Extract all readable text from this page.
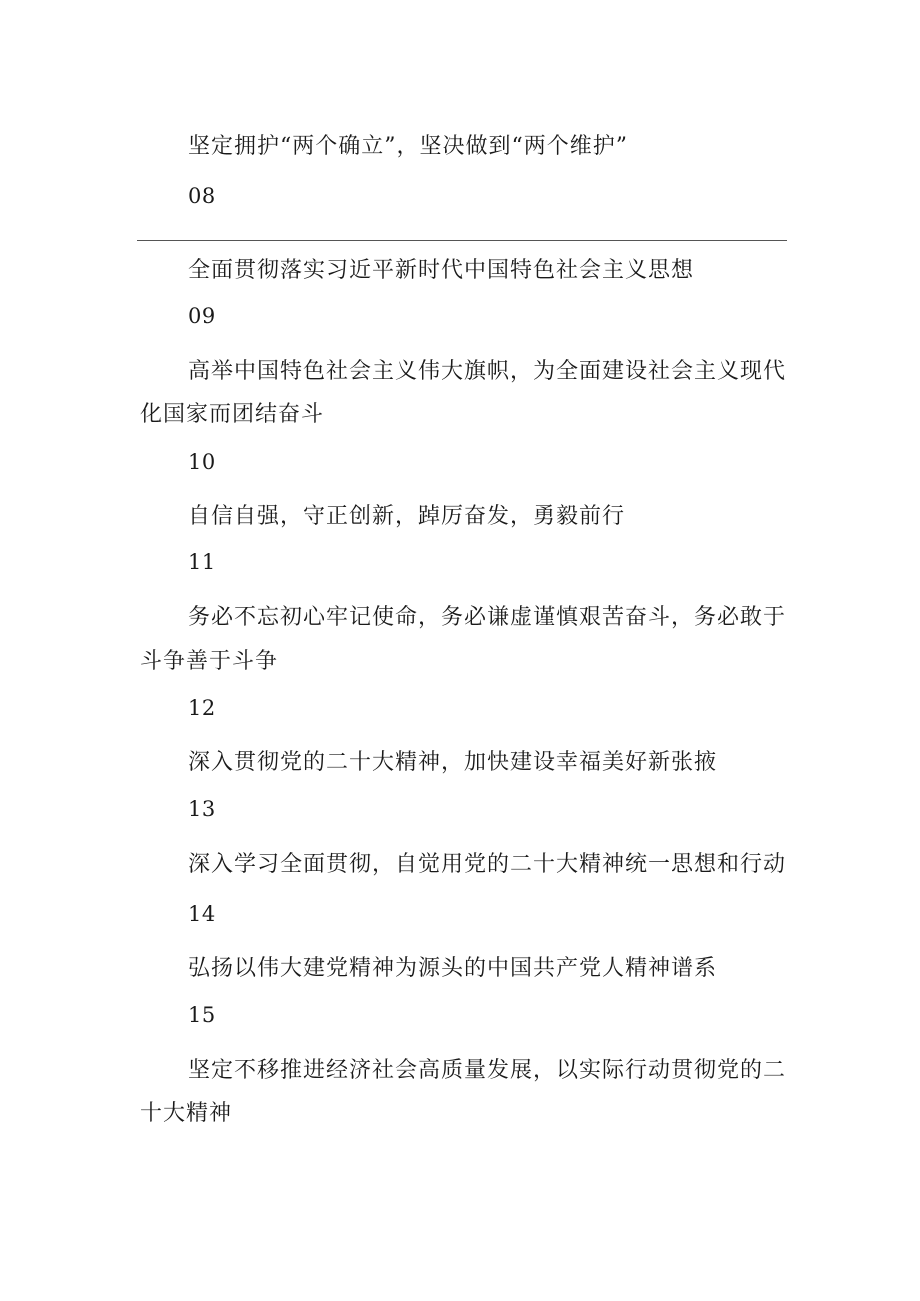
坚定拥护“两个确立”，坚决做到“两个维护”
08
全面贯彻落实习近平新时代中国特色社会主义思想
09
高举中国特色社会主义伟大旗帜，为全面建设社会主义现代
化国家而团结奋斗
10
自信自强，守正创新，踔厉奋发，勇毅前行
11
务必不忘初心牢记使命，务必谦虚谨慎艰苦奋斗，务必敢于
斗争善于斗争
12
深入贯彻党的二十大精神，加快建设幸福美好新张掖
13
深入学习全面贯彻，自觉用党的二十大精神统一思想和行动
14
弘扬以伟大建党精神为源头的中国共产党人精神谱系
15
坚定不移推进经济社会高质量发展，以实际行动贯彻党的二
十大精神
